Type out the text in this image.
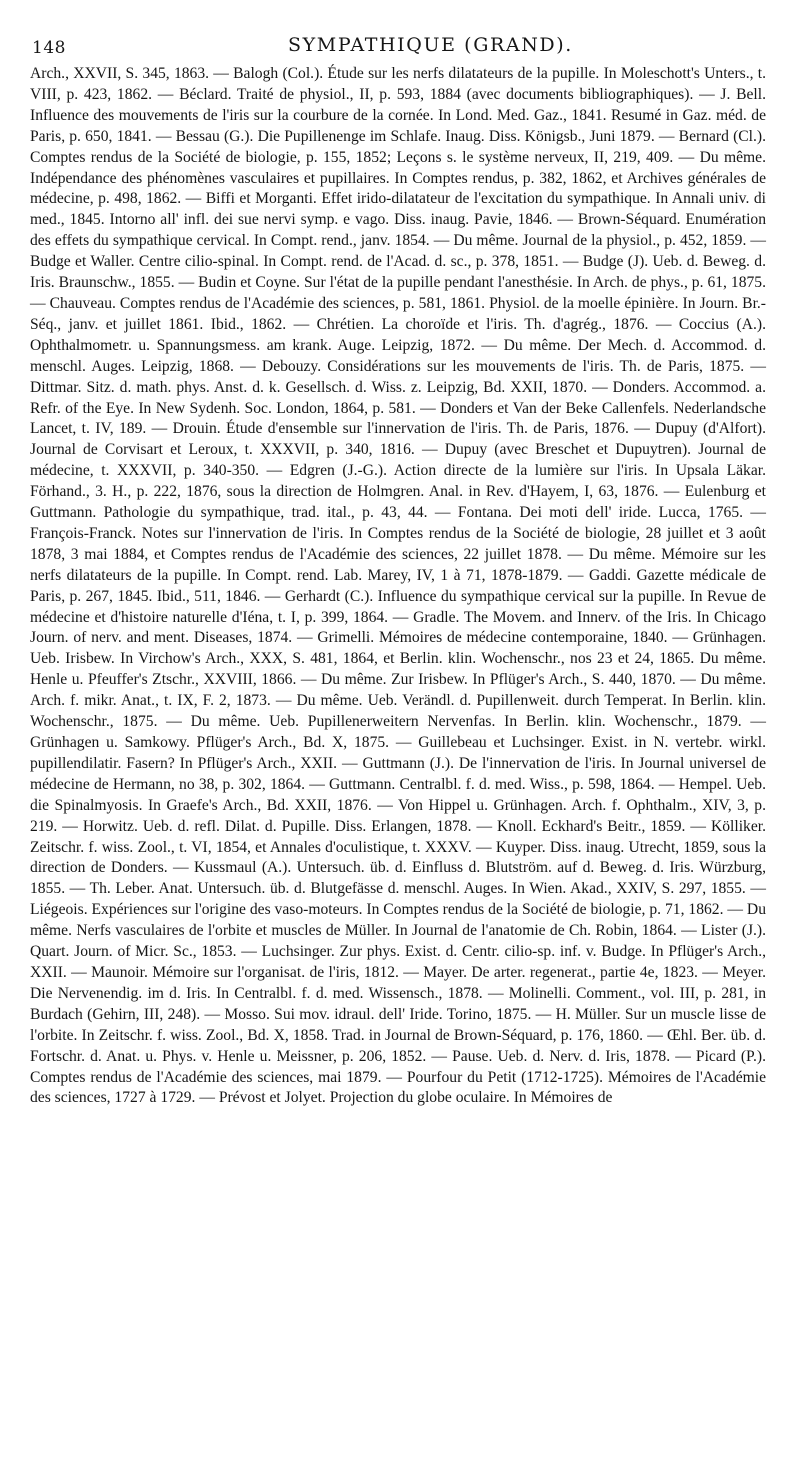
148	SYMPATHIQUE (GRAND).

Arch., XXVII, S. 345, 1863. — Balogh (Col.). Étude sur les nerfs dilatateurs de la pupille. In Moleschott's Unters., t. VIII, p. 423, 1862. — Béclard. Traité de physiol., II, p. 593, 1884 (avec documents bibliographiques). — J. Bell. Influence des mouvements de l'iris sur la courbure de la cornée. In Lond. Med. Gaz., 1841. Resumé in Gaz. méd. de Paris, p. 650, 1841. — Bessau (G.). Die Pupillenenge im Schlafe. Inaug. Diss. Königsb., Juni 1879. — Bernard (Cl.). Comptes rendus de la Société de biologie, p. 155, 1852; Leçons s. le système nerveux, II, 219, 409. — Du même. Indépendance des phénomènes vasculaires et pupillaires. In Comptes rendus, p. 382, 1862, et Archives générales de médecine, p. 498, 1862. — Biffi et Morganti. Effet irido-dilatateur de l'excitation du sympathique. In Annali univ. di med., 1845. Intorno all' infl. dei sue nervi symp. e vago. Diss. inaug. Pavie, 1846. — Brown-Séquard. Enumération des effets du sympathique cervical. In Compt. rend., janv. 1854. — Du même. Journal de la physiol., p. 452, 1859. — Budge et Waller. Centre cilio-spinal. In Compt. rend. de l'Acad. d. sc., p. 378, 1851. — Budge (J). Ueb. d. Beweg. d. Iris. Braunschw., 1855. — Budin et Coyne. Sur l'état de la pupille pendant l'anesthésie. In Arch. de phys., p. 61, 1875. — Chauveau. Comptes rendus de l'Académie des sciences, p. 581, 1861. Physiol. de la moelle épinière. In Journ. Br.-Séq., janv. et juillet 1861. Ibid., 1862. — Chrétien. La choroïde et l'iris. Th. d'agrég., 1876. — Coccius (A.). Ophthalmometr. u. Spannungsmess. am krank. Auge. Leipzig, 1872. — Du même. Der Mech. d. Accommod. d. menschl. Auges. Leipzig, 1868. — Debouzy. Considérations sur les mouvements de l'iris. Th. de Paris, 1875. — Dittmar. Sitz. d. math. phys. Anst. d. k. Gesellsch. d. Wiss. z. Leipzig, Bd. XXII, 1870. — Donders. Accommod. a. Refr. of the Eye. In New Sydenh. Soc. London, 1864, p. 581. — Donders et Van der Beke Callenfels. Nederlandsche Lancet, t. IV, 189. — Drouin. Étude d'ensemble sur l'innervation de l'iris. Th. de Paris, 1876. — Dupuy (d'Alfort). Journal de Corvisart et Leroux, t. XXXVII, p. 340, 1816. — Dupuy (avec Breschet et Dupuytren). Journal de médecine, t. XXXVII, p. 340-350. — Edgren (J.-G.). Action directe de la lumière sur l'iris. In Upsala Läkar. Förhand., 3. H., p. 222, 1876, sous la direction de Holmgren. Anal. in Rev. d'Hayem, I, 63, 1876. — Eulenburg et Guttmann. Pathologie du sympathique, trad. ital., p. 43, 44. — Fontana. Dei moti dell' iride. Lucca, 1765. — François-Franck. Notes sur l'innervation de l'iris. In Comptes rendus de la Société de biologie, 28 juillet et 3 août 1878, 3 mai 1884, et Comptes rendus de l'Académie des sciences, 22 juillet 1878. — Du même. Mémoire sur les nerfs dilatateurs de la pupille. In Compt. rend. Lab. Marey, IV, 1 à 71, 1878-1879. — Gaddi. Gazette médicale de Paris, p. 267, 1845. Ibid., 511, 1846. — Gerhardt (C.). Influence du sympathique cervical sur la pupille. In Revue de médecine et d'histoire naturelle d'Iéna, t. I, p. 399, 1864. — Gradle. The Movem. and Innerv. of the Iris. In Chicago Journ. of nerv. and ment. Diseases, 1874. — Grimelli. Mémoires de médecine contemporaine, 1840. — Grünhagen. Ueb. Irisbew. In Virchow's Arch., XXX, S. 481, 1864, et Berlin. klin. Wochenschr., nos 23 et 24, 1865. Du même. Henle u. Pfeuffer's Ztschr., XXVIII, 1866. — Du même. Zur Irisbew. In Pflüger's Arch., S. 440, 1870. — Du même. Arch. f. mikr. Anat., t. IX, F. 2, 1873. — Du même. Ueb. Verändl. d. Pupillenweit. durch Temperat. In Berlin. klin. Wochenschr., 1875. — Du même. Ueb. Pupillenerweitern Nervenfas. In Berlin. klin. Wochenschr., 1879. — Grünhagen u. Samkowy. Pflüger's Arch., Bd. X, 1875. — Guillebeau et Luchsinger. Exist. in N. vertebr. wirkl. pupillendilatir. Fasern? In Pflüger's Arch., XXII. — Guttmann (J.). De l'innervation de l'iris. In Journal universel de médecine de Hermann, no 38, p. 302, 1864. — Guttmann. Centralbl. f. d. med. Wiss., p. 598, 1864. — Hempel. Ueb. die Spinalmyosis. In Graefe's Arch., Bd. XXII, 1876. — Von Hippel u. Grünhagen. Arch. f. Ophthalm., XIV, 3, p. 219. — Horwitz. Ueb. d. refl. Dilat. d. Pupille. Diss. Erlangen, 1878. — Knoll. Eckhard's Beitr., 1859. — Kölliker. Zeitschr. f. wiss. Zool., t. VI, 1854, et Annales d'oculistique, t. XXXV. — Kuyper. Diss. inaug. Utrecht, 1859, sous la direction de Donders. — Kussmaul (A.). Untersuch. üb. d. Einfluss d. Blutström. auf d. Beweg. d. Iris. Würzburg, 1855. — Th. Leber. Anat. Untersuch. üb. d. Blutgefässe d. menschl. Auges. In Wien. Akad., XXIV, S. 297, 1855. — Liégeois. Expériences sur l'origine des vaso-moteurs. In Comptes rendus de la Société de biologie, p. 71, 1862. — Du même. Nerfs vasculaires de l'orbite et muscles de Müller. In Journal de l'anatomie de Ch. Robin, 1864. — Lister (J.). Quart. Journ. of Micr. Sc., 1853. — Luchsinger. Zur phys. Exist. d. Centr. cilio-sp. inf. v. Budge. In Pflüger's Arch., XXII. — Maunoir. Mémoire sur l'organisat. de l'iris, 1812. — Mayer. De arter. regenerat., partie 4e, 1823. — Meyer. Die Nervenendig. im d. Iris. In Centralbl. f. d. med. Wissensch., 1878. — Molinelli. Comment., vol. III, p. 281, in Burdach (Gehirn, III, 248). — Mosso. Sui mov. idraul. dell' Iride. Torino, 1875. — H. Müller. Sur un muscle lisse de l'orbite. In Zeitschr. f. wiss. Zool., Bd. X, 1858. Trad. in Journal de Brown-Séquard, p. 176, 1860. — Œhl. Ber. üb. d. Fortschr. d. Anat. u. Phys. v. Henle u. Meissner, p. 206, 1852. — Pause. Ueb. d. Nerv. d. Iris, 1878. — Picard (P.). Comptes rendus de l'Académie des sciences, mai 1879. — Pourfour du Petit (1712-1725). Mémoires de l'Académie des sciences, 1727 à 1729. — Prévost et Jolyet. Projection du globe oculaire. In Mémoires de
